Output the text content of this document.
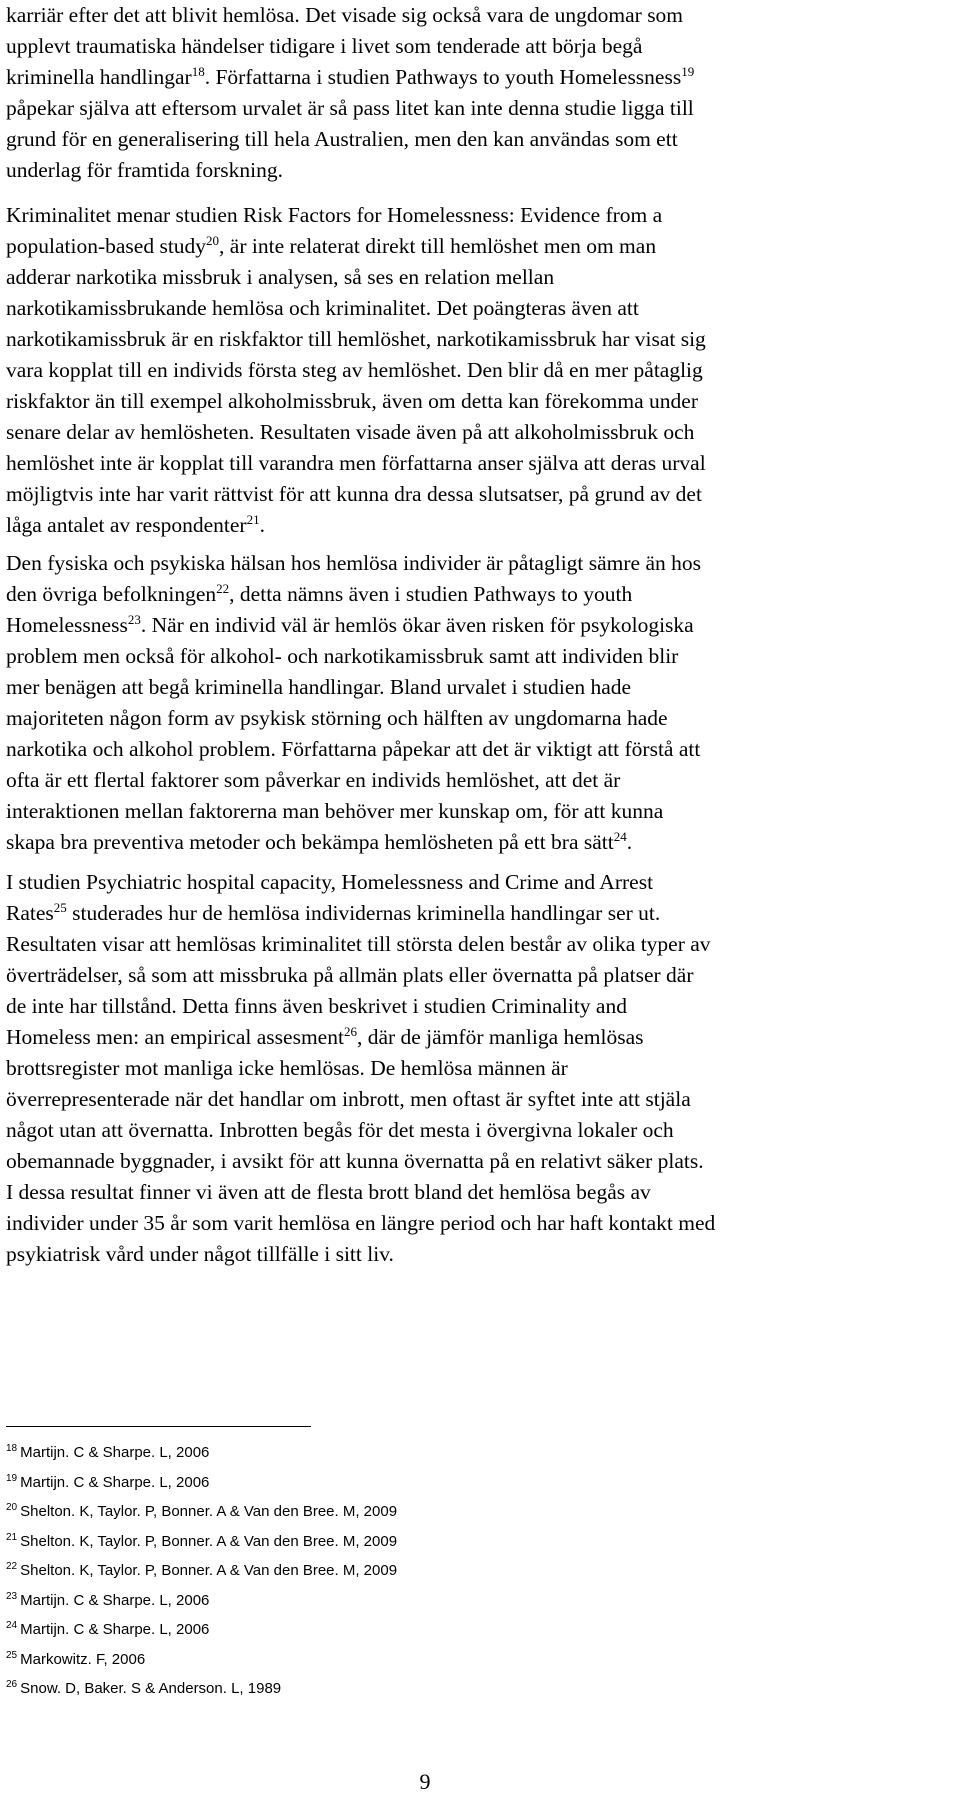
karriär efter det att blivit hemlösa. Det visade sig också vara de ungdomar som
upplevt traumatiska händelser tidigare i livet som tenderade att börja begå
kriminella handlingar$^{18}$. Författarna i studien Pathways to youth Homelessness$^{19}$
påpekar själva att eftersom urvalet är så pass litet kan inte denna studie ligga till
grund för en generalisering till hela Australien, men den kan användas som ett
underlag för framtida forskning.
Kriminalitet menar studien Risk Factors for Homelessness: Evidence from a
population-based study$^{20}$, är inte relaterat direkt till hemlöshet men om man
adderar narkotika missbruk i analysen, så ses en relation mellan
narkotikamissbrukande hemlösa och kriminalitet. Det poängteras även att
narkotikamissbruk är en riskfaktor till hemlöshet, narkotikamissbruk har visat sig
vara kopplat till en individs första steg av hemlöshet. Den blir då en mer påtaglig
riskfaktor än till exempel alkoholmissbruk, även om detta kan förekomma under
senare delar av hemlösheten. Resultaten visade även på att alkoholmissbruk och
hemlöshet inte är kopplat till varandra men författarna anser själva att deras urval
möjligtvis inte har varit rättvist för att kunna dra dessa slutsatser, på grund av det
låga antalet av respondenter$^{21}$.
Den fysiska och psykiska hälsan hos hemlösa individer är påtagligt sämre än hos
den övriga befolkningen$^{22}$, detta nämns även i studien Pathways to youth
Homelessness$^{23}$. När en individ väl är hemlös ökar även risken för psykologiska
problem men också för alkohol- och narkotikamissbruk samt att individen blir
mer benägen att begå kriminella handlingar. Bland urvalet i studien hade
majoriteten någon form av psykisk störning och hälften av ungdomarna hade
narkotika och alkohol problem. Författarna påpekar att det är viktigt att förstå att
ofta är ett flertal faktorer som påverkar en individs hemlöshet, att det är
interaktionen mellan faktorerna man behöver mer kunskap om, för att kunna
skapa bra preventiva metoder och bekämpa hemlösheten på ett bra sätt$^{24}$.
I studien Psychiatric hospital capacity, Homelessness and Crime and Arrest
Rates$^{25}$ studerades hur de hemlösa individernas kriminella handlingar ser ut.
Resultaten visar att hemlösas kriminalitet till största delen består av olika typer av
överträdelser, så som att missbruka på allmän plats eller övernatta på platser där
de inte har tillstånd. Detta finns även beskrivet i studien Criminality and
Homeless men: an empirical assesment$^{26}$, där de jämför manliga hemlösas
brottsregister mot manliga icke hemlösas. De hemlösa männen är
överrepresenterade när det handlar om inbrott, men oftast är syftet inte att stjäla
något utan att övernatta. Inbrotten begås för det mesta i övergivna lokaler och
obemannade byggnader, i avsikt för att kunna övernatta på en relativt säker plats.
I dessa resultat finner vi även att de flesta brott bland det hemlösa begås av
individer under 35 år som varit hemlösa en längre period och har haft kontakt med
psykiatrisk vård under något tillfälle i sitt liv.
$^{18}$ Martijn. C & Sharpe. L, 2006
$^{19}$ Martijn. C & Sharpe. L, 2006
$^{20}$ Shelton. K, Taylor. P, Bonner. A & Van den Bree. M, 2009
$^{21}$ Shelton. K, Taylor. P, Bonner. A & Van den Bree. M, 2009
$^{22}$ Shelton. K, Taylor. P, Bonner. A & Van den Bree. M, 2009
$^{23}$ Martijn. C & Sharpe. L, 2006
$^{24}$ Martijn. C & Sharpe. L, 2006
$^{25}$ Markowitz. F, 2006
$^{26}$ Snow. D, Baker. S & Anderson. L, 1989
9
